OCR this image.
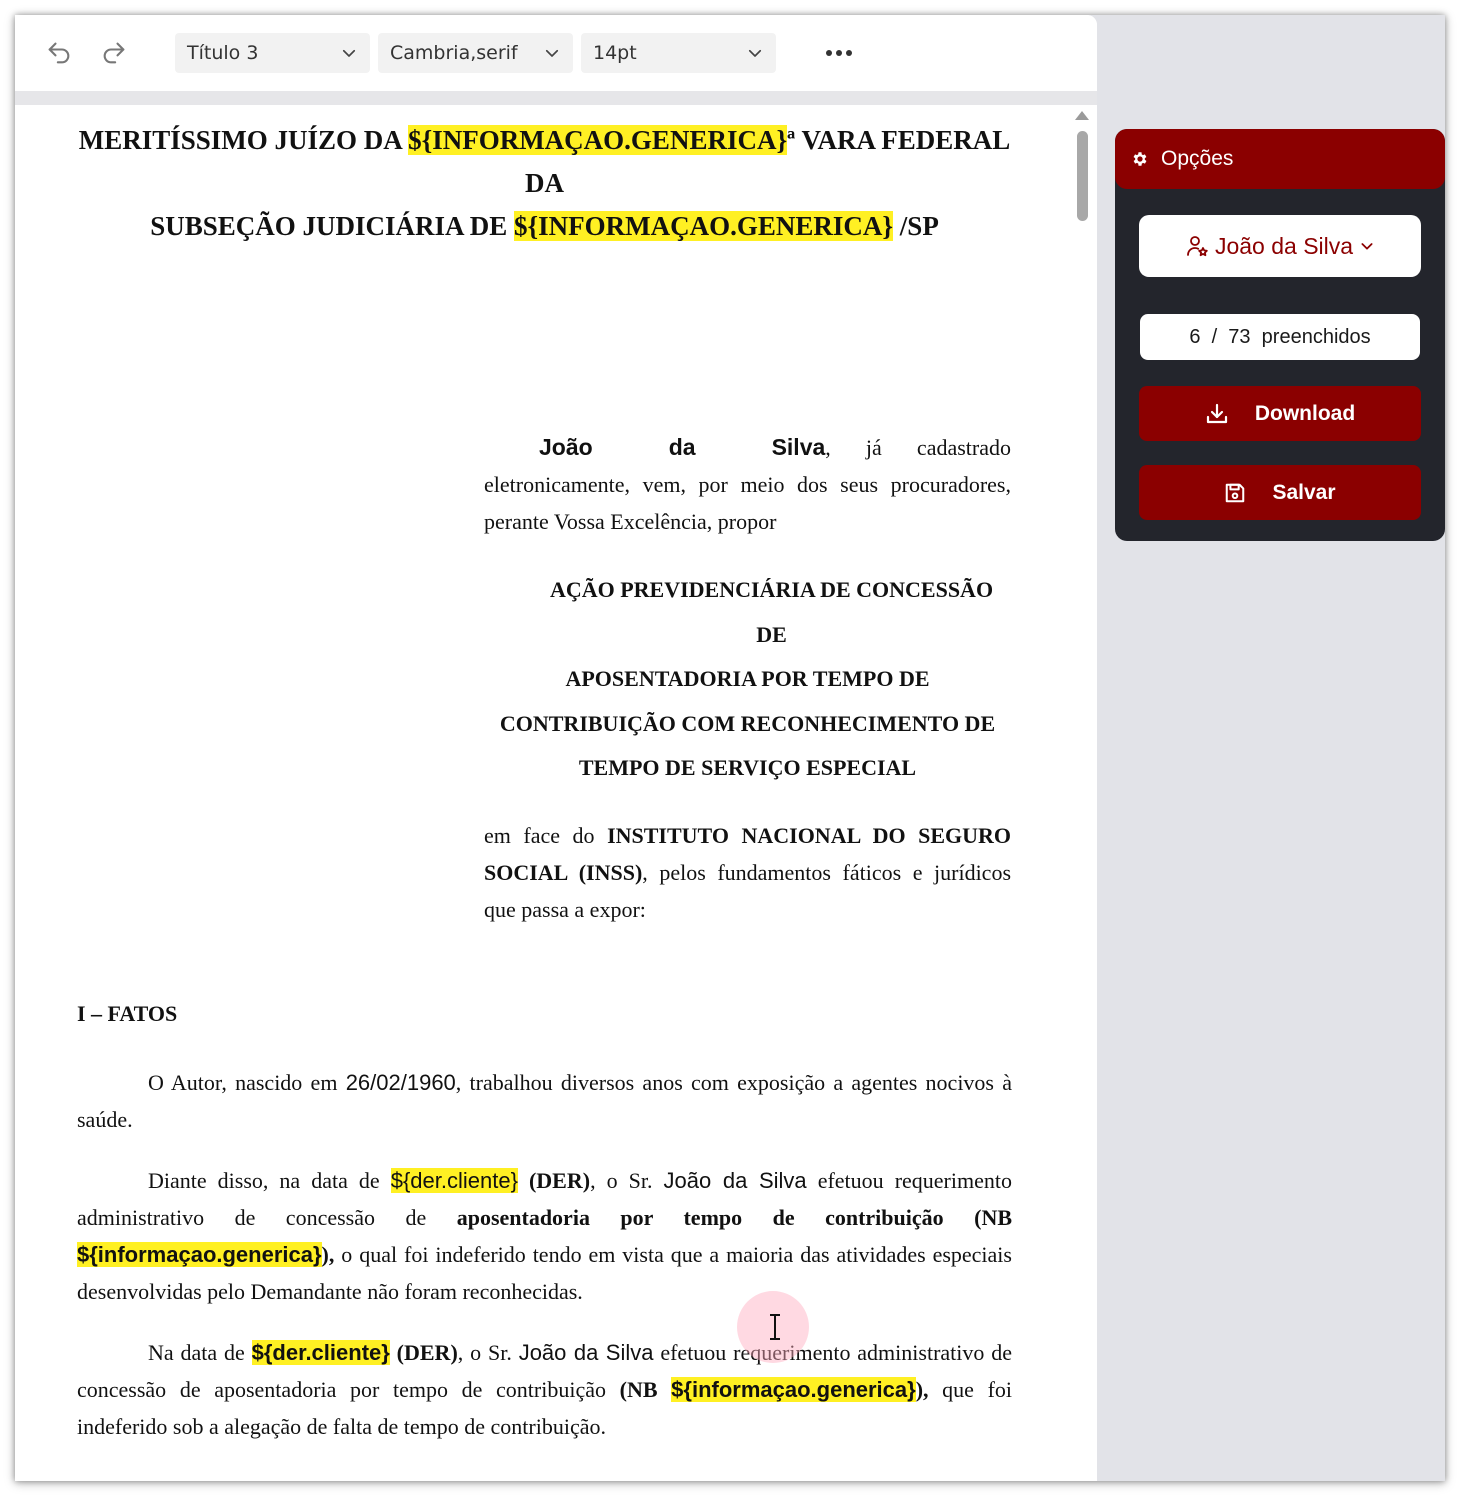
Título 3	Cambria,serif	14pt
MERITÍSSIMO JUÍZO DA ${INFORMAÇAO.GENERICA}ª VARA FEDERAL DA
SUBSEÇÃO JUDICIÁRIA DE ${INFORMAÇAO.GENERICA} /SP
João da Silva, já cadastrado eletronicamente, vem, por meio dos seus procuradores, perante Vossa Excelência, propor
AÇÃO PREVIDENCIÁRIA DE CONCESSÃO DE
APOSENTADORIA POR TEMPO DE
CONTRIBUIÇÃO COM RECONHECIMENTO DE
TEMPO DE SERVIÇO ESPECIAL
em face do INSTITUTO NACIONAL DO SEGURO SOCIAL (INSS), pelos fundamentos fáticos e jurídicos que passa a expor:
I – FATOS
O Autor, nascido em 26/02/1960, trabalhou diversos anos com exposição a agentes nocivos à saúde.
Diante disso, na data de ${der.cliente} (DER), o Sr. João da Silva efetuou requerimento administrativo de concessão de aposentadoria por tempo de contribuição (NB ${informaçao.generica}), o qual foi indeferido tendo em vista que a maioria das atividades especiais desenvolvidas pelo Demandante não foram reconhecidas.
Na data de ${der.cliente} (DER), o Sr. João da Silva efetuou requerimento administrativo de concessão de aposentadoria por tempo de contribuição (NB ${informaçao.generica}), que foi indeferido sob a alegação de falta de tempo de contribuição.
Opções
João da Silva
6
/
73
preenchidos
Download
Salvar
